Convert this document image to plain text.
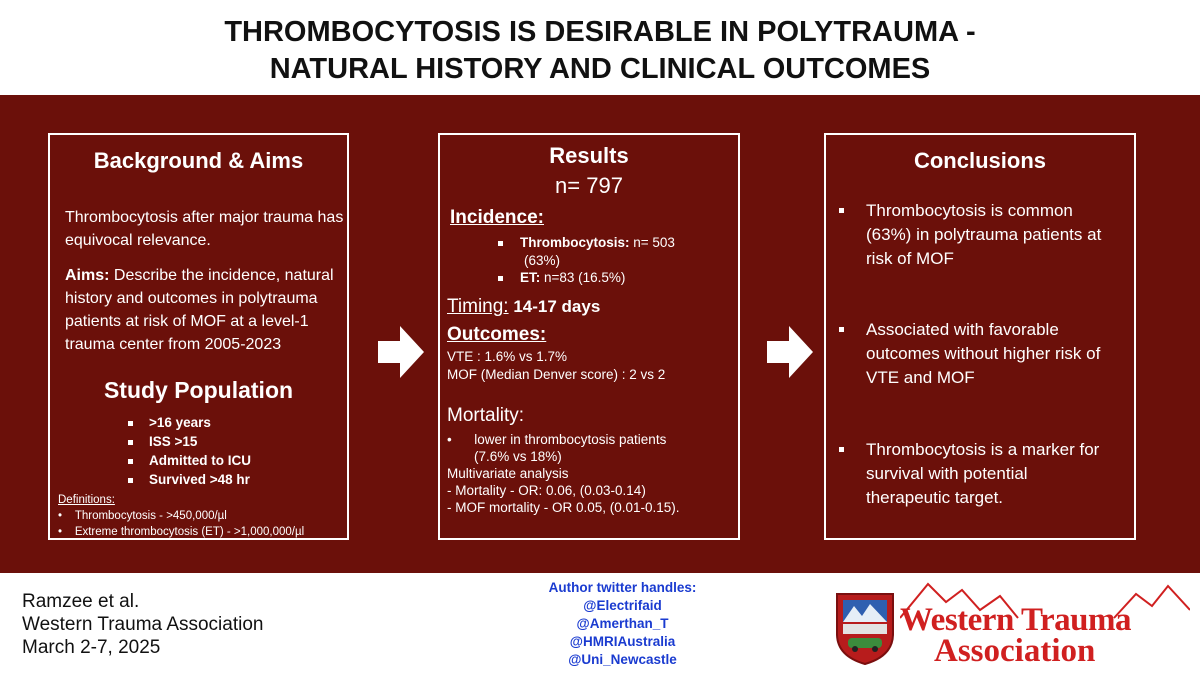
THROMBOCYTOSIS IS DESIRABLE IN POLYTRAUMA -
NATURAL HISTORY AND CLINICAL OUTCOMES
Background & Aims
Thrombocytosis after major trauma has equivocal relevance.
Aims: Describe the incidence, natural history and outcomes in polytrauma patients at risk of MOF at a level-1 trauma center from 2005-2023
Study Population
>16 years
ISS >15
Admitted to ICU
Survived >48 hr
Definitions:
•    Thrombocytosis - >450,000/µl
•    Extreme thrombocytosis (ET) - >1,000,000/µl
Results
n= 797
Incidence:
Thrombocytosis: n= 503
(63%)
ET: n=83 (16.5%)
Timing: 14-17 days
Outcomes:
VTE : 1.6% vs 1.7%
MOF (Median Denver score) : 2 vs 2
Mortality:
•      lower in thrombocytosis patients
(7.6% vs 18%)
Multivariate analysis
- Mortality - OR: 0.06, (0.03-0.14)
- MOF mortality - OR 0.05, (0.01-0.15).
Conclusions
Thrombocytosis is common
(63%) in polytrauma patients at
risk of MOF
Associated with favorable
outcomes without higher risk of
VTE and MOF
Thrombocytosis is a marker for
survival with potential
therapeutic target.
Ramzee et al.
Western Trauma Association
March 2-7, 2025
Author twitter handles:
@Electrifaid
@Amerthan_T
@HMRIAustralia
@Uni_Newcastle
Western Trauma
Association
